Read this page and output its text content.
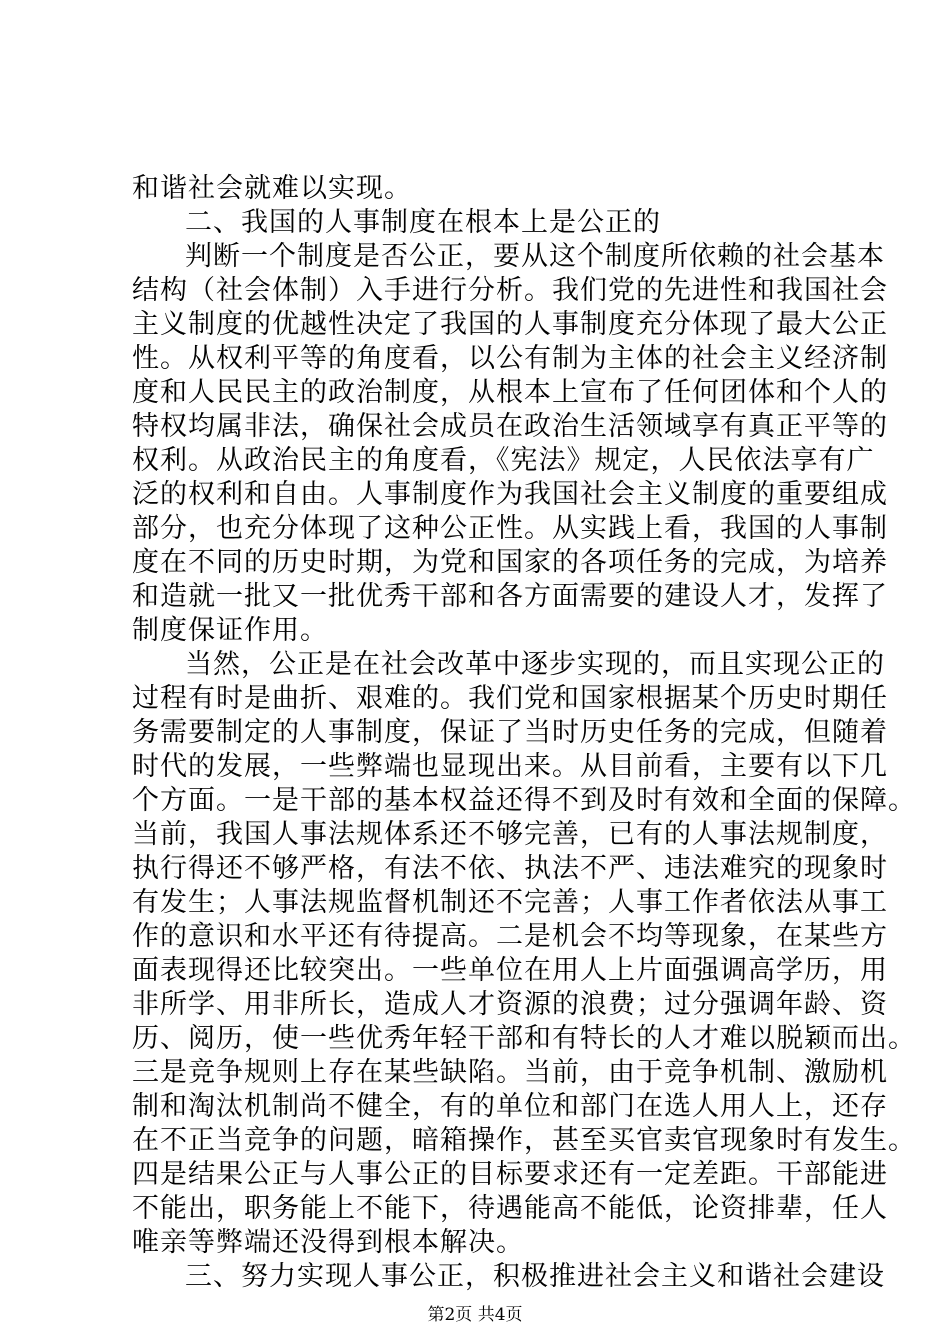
和谐社会就难以实现。
二、我国的人事制度在根本上是公正的
判断一个制度是否公正，要从这个制度所依赖的社会基本
结构（社会体制）入手进行分析。我们党的先进性和我国社会
主义制度的优越性决定了我国的人事制度充分体现了最大公正
性。从权利平等的角度看，以公有制为主体的社会主义经济制
度和人民民主的政治制度，从根本上宣布了任何团体和个人的
特权均属非法，确保社会成员在政治生活领域享有真正平等的
权利。从政治民主的角度看，《宪法》规定，人民依法享有广
泛的权利和自由。人事制度作为我国社会主义制度的重要组成
部分，也充分体现了这种公正性。从实践上看，我国的人事制
度在不同的历史时期，为党和国家的各项任务的完成，为培养
和造就一批又一批优秀干部和各方面需要的建设人才，发挥了
制度保证作用。
当然，公正是在社会改革中逐步实现的，而且实现公正的
过程有时是曲折、艰难的。我们党和国家根据某个历史时期任
务需要制定的人事制度，保证了当时历史任务的完成，但随着
时代的发展，一些弊端也显现出来。从目前看，主要有以下几
个方面。一是干部的基本权益还得不到及时有效和全面的保障。
当前，我国人事法规体系还不够完善，已有的人事法规制度，
执行得还不够严格，有法不依、执法不严、违法难究的现象时
有发生；人事法规监督机制还不完善；人事工作者依法从事工
作的意识和水平还有待提高。二是机会不均等现象，在某些方
面表现得还比较突出。一些单位在用人上片面强调高学历，用
非所学、用非所长，造成人才资源的浪费；过分强调年龄、资
历、阅历，使一些优秀年轻干部和有特长的人才难以脱颖而出。
三是竞争规则上存在某些缺陷。当前，由于竞争机制、激励机
制和淘汰机制尚不健全，有的单位和部门在选人用人上，还存
在不正当竞争的问题，暗箱操作，甚至买官卖官现象时有发生。
四是结果公正与人事公正的目标要求还有一定差距。干部能进
不能出，职务能上不能下，待遇能高不能低，论资排辈，任人
唯亲等弊端还没得到根本解决。
三、努力实现人事公正，积极推进社会主义和谐社会建设
第2页 共4页
